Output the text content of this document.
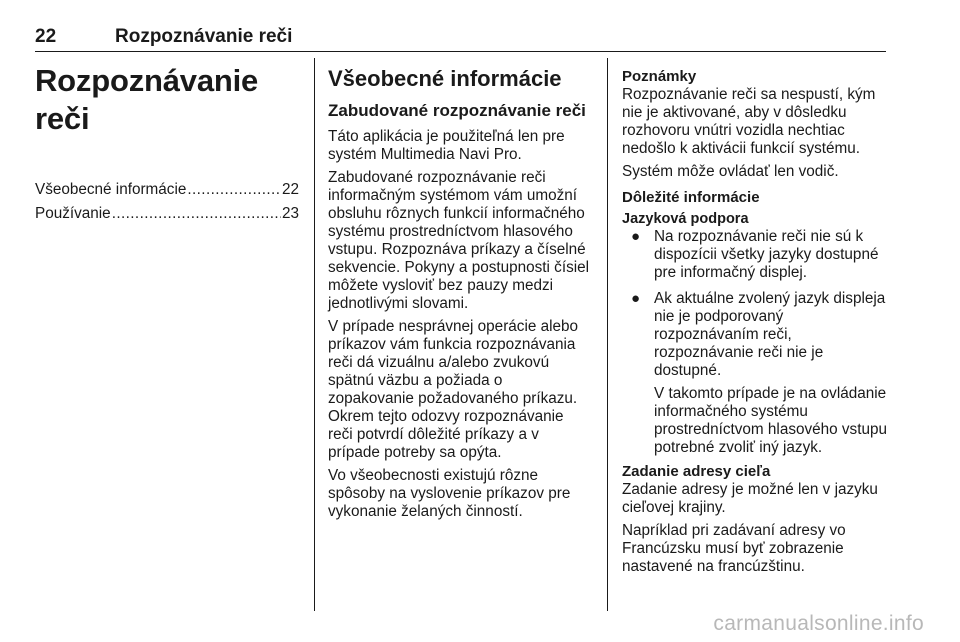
22	Rozpoznávanie reči
Rozpoznávanie reči
Všeobecné informácie .....	22
Používanie .....	23
Všeobecné informácie
Zabudované rozpoznávanie reči

Táto aplikácia je použiteľná len pre systém Multimedia Navi Pro.

Zabudované rozpoznávanie reči informačným systémom vám umožní obsluhu rôznych funkcií informačného systému prostredníctvom hlasového vstupu. Rozpoznáva príkazy a číselné sekvencie. Pokyny a postupnosti čísiel môžete vysloviť bez pauzy medzi jednotlivými slovami.

V prípade nesprávnej operácie alebo príkazov vám funkcia rozpoznávania reči dá vizuálnu a/alebo zvukovú spätnú väzbu a požiada o zopakovanie požadovaného príkazu. Okrem tejto odozvy rozpoznávanie reči potvrdí dôležité príkazy a v prípade potreby sa opýta.

Vo všeobecnosti existujú rôzne spôsoby na vyslovenie príkazov pre vykonanie želaných činností.

Poznámky

Rozpoznávanie reči sa nespustí, kým nie je aktivované, aby v dôsledku rozhovoru vnútri vozidla nechtiac nedošlo k aktivácii funkcií systému.

Systém môže ovládať len vodič.

Dôležité informácie
Jazyková podpora

● Na rozpoznávanie reči nie sú k dispozícii všetky jazyky dostupné pre informačný displej.

● Ak aktuálne zvolený jazyk displeja nie je podporovaný rozpoznávaním reči, rozpoznávanie reči nie je dostupné.

V takomto prípade je na ovládanie informačného systému prostredníctvom hlasového vstupu potrebné zvoliť iný jazyk.

Zadanie adresy cieľa

Zadanie adresy je možné len v jazyku cieľovej krajiny.

Napríklad pri zadávaní adresy vo Francúzsku musí byť zobrazenie nastavené na francúzštinu.

carmanualsonline.info
